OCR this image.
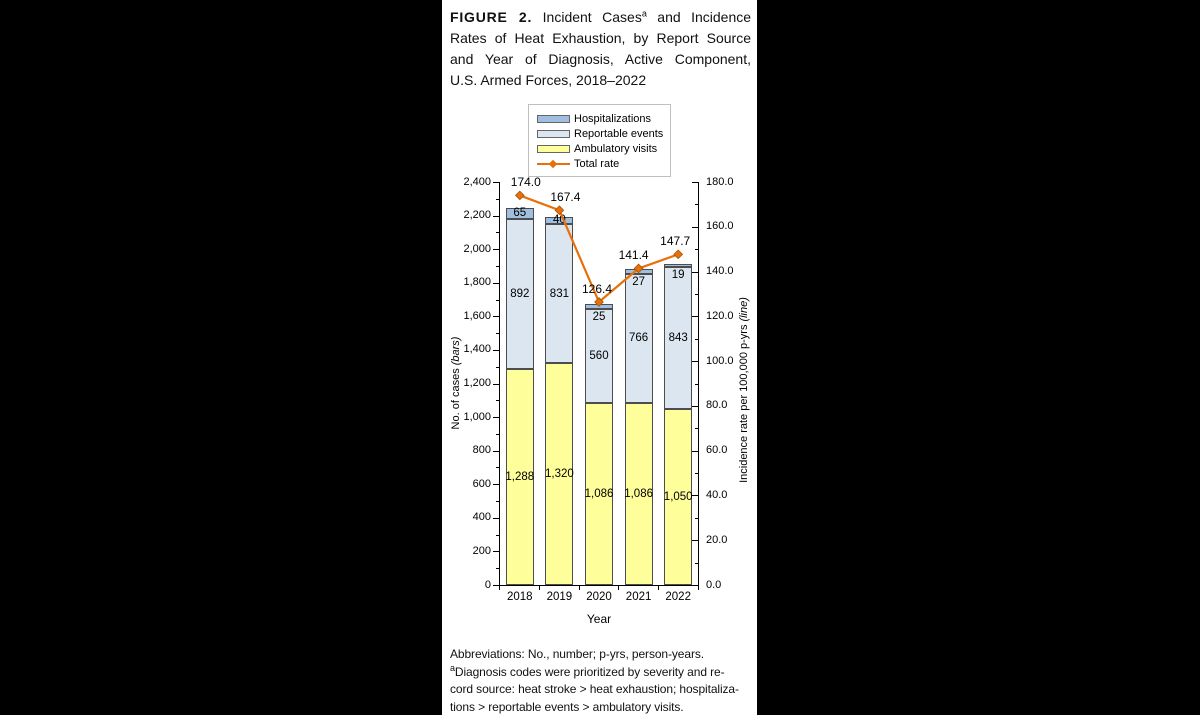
FIGURE 2. Incident Cases$^a$ and Incidence
Rates of Heat Exhaustion, by Report Source
and Year of Diagnosis, Active Component,
U.S. Armed Forces, 2018–2022
Hospitalizations
Reportable events
Ambulatory visits
Total rate
No. of cases(bars)	Incidence rate per 100,000 p-yrs(line)
0
200
400
600
800
1,000
1,200
1,400
1,600
1,800
2,000
2,200
2,400
0.0
20.0
40.0
60.0
80.0
100.0
120.0
140.0
160.0
180.0
2018	2019	2020	2021	2022
1,288
892
65
1,320
831
40
1,086
560
25
1,086
766
27
1,050
843
19
174.0
167.4
126.4
141.4
147.7
Year
Abbreviations: No., number; p-yrs, person-years.
$^a$Diagnosis codes were prioritized by severity and re-
cord source: heat stroke > heat exhaustion; hospitaliza-
tions > reportable events > ambulatory visits.
